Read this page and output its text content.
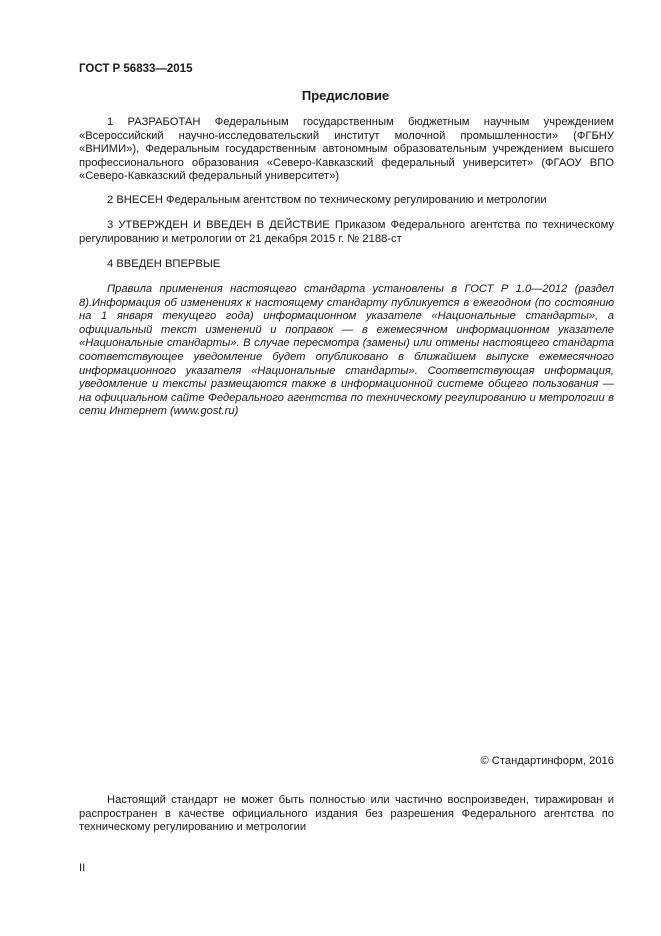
ГОСТ Р 56833—2015
Предисловие

1 РАЗРАБОТАН Федеральным государственным бюджетным научным учреждением «Всероссийский научно-исследовательский институт молочной промышленности» (ФГБНУ «ВНИМИ»), Федеральным государственным автономным образовательным учреждением высшего профессионального образования «Северо-Кавказский федеральный университет» (ФГАОУ ВПО «Северо-Кавказский федеральный университет»)

2 ВНЕСЕН Федеральным агентством по техническому регулированию и метрологии

3 УТВЕРЖДЕН И ВВЕДЕН В ДЕЙСТВИЕ Приказом Федерального агентства по техническому регулированию и метрологии от 21 декабря 2015 г. № 2188-ст

4 ВВЕДЕН ВПЕРВЫЕ

Правила применения настоящего стандарта установлены в ГОСТ Р 1.0—2012 (раздел 8).Информация об изменениях к настоящему стандарту публикуется в ежегодном (по состоянию на 1 января текущего года) информационном указателе «Национальные стандарты», а официальный текст изменений и поправок — в ежемесячном информационном указателе «Национальные стандарты». В случае пересмотра (замены) или отмены настоящего стандарта соответствующее уведомление будет опубликовано в ближайшем выпуске ежемесячного информационного указателя «Национальные стандарты». Соответствующая информация, уведомление и тексты размещаются также в информационной системе общего пользования — на официальном сайте Федерального агентства по техническому регулированию и метрологии в сети Интернет (www.gost.ru)

© Стандартинформ, 2016

Настоящий стандарт не может быть полностью или частично воспроизведен, тиражирован и распространен в качестве официального издания без разрешения Федерального агентства по техническому регулированию и метрологии

II
